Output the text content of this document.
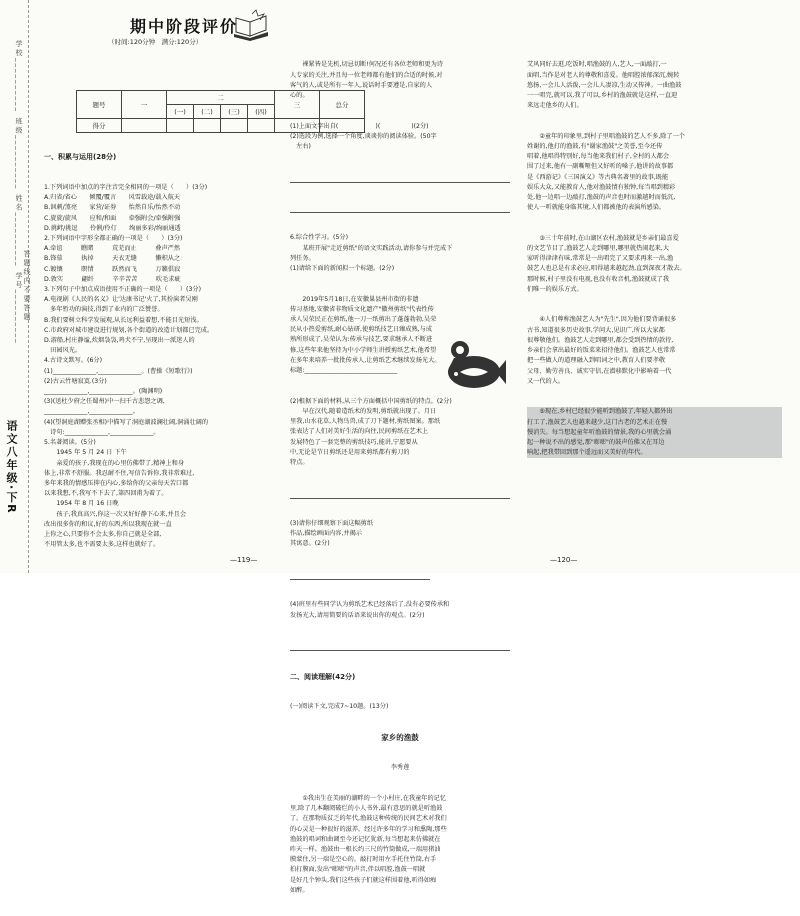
语文八年级·下R
学校__________ 班级__________ 姓名__________ 学号__________ 答题线内不要答题
期中阶段评价
（时间:120分钟　满分:120分）
题号	一	二				三	总分
		(一)	(二)	(三)	(四)		
得分							

一、积累与运用(28分)

1.下列词语中加点的字注音完全相同的一项是（　　）(3分)
A.归省/省心　　倾覆/覆言　　风雪载途/载入航天
B.讽刺/煞亮　　家营/证券　　怡然自乐/怡然不动
C.旋旋/旋风　　应和/和面　　牵强附会/牵强附强
D.挑衅/挑逗　　伶俐/伶仃　　绚丽多彩/绚丽通透
2.下列词语中字形全都正确的一项是（　　）(3分)
A.牵谊　　　瞧睹　　　荒芜而止　　　叠声严然
B.锋慕　　　执掉　　　天衣无缝　　　懒积从之
C.镀镶　　　瞑情　　　跃然而飞　　　万籁俱寂
D.敦实　　　翩纤　　　辛辛苦苦　　　吹毛求疵
3.下列句子中加点成语使用不正确的一项是（　　）(3分)
A.电视剧《人民的名义》让'达康书记'火了,其扮演者吴刚
　多年暂功的演技,得到了业内的广泛赞誉。
B.我们要树立科学发展观,从长远利益着想,不能目光短浅。
C.市政府对城市建设进行规划,各个街道的改造计划都已完成。
D.游船,村庄静谧,炊烟袅袅,鸡犬不宁,呈现出一派迷人的
　田园风光。
4.古诗文默写。(6分)
(1)______________,______________。(曹操《短歌行》)
(2)古云竹塘寂寞.(3分)
______________,______________。(陶渊明)
(3)(送杜少府之任蜀州)中一扫千古悲怨之调,
______________,______________。
(4)(望洞庭湖赠张丞相)中描写了洞庭湖波澜壮阔,洞涌壮阔的
　诗句:______________,______________。
5.名著阅读。(5分)
　　1945 年 5 月 24 日 下午
　　亲爱的孩子,我现在的心里仿佛带了,精神上和身
体上,非常不舒服。我忍耐不住,写信告诉你,我非常难过,
多年来我的情感压抑在内心,多给你的父亲每天苦口都
以来我想,不,我写不下去了,第四回甫为着了。
　　1954 年 8 月 16 日晚
　　孩子,我真高兴,你这一次又好好静下心来,并且会
改出很多你的和议,好的东西,所以我现在就一直
上你之心,只要你不会太多,你自己就是全部,
不用管太多,也不需要太多,这样也就好了。

　　裸紧皆是先机,切忌切断!何况还有各位老师和更为诗
人专家的关注,并且每一位老师都有他们的合适的时候,对
客气的人,或是所有一年人,说话时手要遵是,自家的人
心的。

(1)上面文字出自(　　　　　　)(　　　　　)(2分)
(2)选段为例,选择一个角度,谈谈你的阅读体验。(50字
　左右)

6.综合性学习。(5分)
　　某班开展"走近剪纸"的语文实践活动,请你参与并完成下
列任务。
(1)请给下面的新闻拟一个标题。(2分)

　　2019年5月18日,在安徽巢县州市街的非遗
传习基地,安徽省非物质文化遗产"徽州剪纸"代表性传
承人吴荣民正在剪纸,他一刀一纸剪出了蓬蓬勃勃,吴荣
民从小热爱剪纸,耐心钻研,使剪纸技艺日臻成熟,与成
熟所形成了,吴荣认为:传承与技艺,要求继承人不断进
修,这些年来他坚持为中小学师生讲授剪纸艺术,他希望
在多年来培养一批批传承人,让剪纸艺术继续发扬光大。
标题:______________________________

(2)根据下面的材料,从三个方面概括中国剪纸的特点。(2分)
　　早在汉代,随着造纸术的发明,剪纸就出现了。月日
里我,山水花草,人物鸟兽,成了刀下题材,剪纸图案。那纸
张表达了人们对美好生活的向往,民间剪纸在艺术上
发展特色了一套完整的剪纸技巧,能讲,宁愿要从
中,无论是节日剪纸还是用来剪纸都有剪刀的
特点。

(3)请你仔细观察下面这幅剪纸
作品,描绘画面内容,并揭示
其寓意。(2分)

(4)班里有些同学认为剪纸艺术已经落后了,没有必要传承和
发扬光大,请用简要的话语来说出你的观点。(2分)

二、阅读理解(42分)

(一)阅读下文,完成7~10题。(13分)

家乡的渔鼓

李秀莲

　　①我出生在美丽的湖畔的一个小村庄,在我童年的记忆
里,除了几本翻阅破烂的小人书外,最有意思的就是听渔鼓
了。在那物质贫乏的年代,渔鼓这种传统的民间艺术对我们
的心灵是一种很好的滋养。经过许多年的学习和熏陶,那些
渔鼓的唱词和曲调至今还记忆犹新,每当想起来仿佛就在
昨天一样。渔鼓由一根长约三尺的竹筒做成,一端用猪油
膜蒙住,另一端是空心的。敲打时用左手托住竹筒,右手
拍打膜面,发出"嘭嘭"的声音,伴以唱腔,渔鼓一唱就
是好几个钟头,我们这些孩子们就这样围着他,听得如痴
如醉。

艾风同好去逛,吃饭时,唱渔鼓的人,艺人,一面敲打,一
面唱,当作是对老人的尊敬和喜爱。他唱腔浓郁深沉,婉转
悠扬,一会儿人活泼,一会儿人凄凉,生动又传神。一曲渔鼓
一一唱完,就可以,我了可以,乡村的渔鼓就是这样,一直迎
来远走他乡的人们。

　　②童年的印象里,到村子里唱渔鼓的艺人不多,除了一个
姓谢的,他打的渔鼓,有"谢家渔鼓"之美誉,至今还传
唱着,他唱得特别好,每当他来我们村子,全村的人都会
围了过来,他有一副嘶哑但又好听的嗓子,他讲的故事都
是《西游记》《三国演义》等古典名著里的故事,既能
娱乐大众,又能教育人,他对渔鼓情有独钟,每当唱到精彩
处,他一边唱一边敲打,渔鼓的声音也时而激越时而低沉,
使人一听就能身临其境,人们都被他的表演所感染。

　　③三十年前时,在山湖区农村,渔鼓就是乡亲们最喜爱
的文艺节目了,渔鼓艺人走到哪里,哪里就热闹起来,大
家听得津津有味,常常是一出唱完了又要求再来一出,渔
鼓艺人也总是有求必应,唱得越来越起劲,直到深夜才散去。
那时候,村子里没有电视,也没有收音机,渔鼓就成了我
们唯一的娱乐方式。

　　④人们尊称渔鼓艺人为"先生",因为他们要背诵很多
古书,知道很多历史故事,学问大,见识广,所以大家都
很尊敬他们。渔鼓艺人走到哪里,都会受到热情的款待,
乡亲们会拿出最好的饭菜来招待他们。渔鼓艺人也常常
把一些做人的道理融入到唱词之中,教育人们要孝敬
父母、勤劳善良、诚实守信,在潜移默化中影响着一代
又一代的人。

　　⑤现在,乡村已经很少能听到渔鼓了,年轻人都外出
打工了,渔鼓艺人也越来越少,这门古老的艺术正在慢
慢消失。每当想起童年听渔鼓的情景,我的心里就会涌
起一种说不出的感觉,那"嘭嘭"的鼓声仿佛又在耳边
响起,把我带回到那个遥远而又美好的年代。

—119—	—120—
